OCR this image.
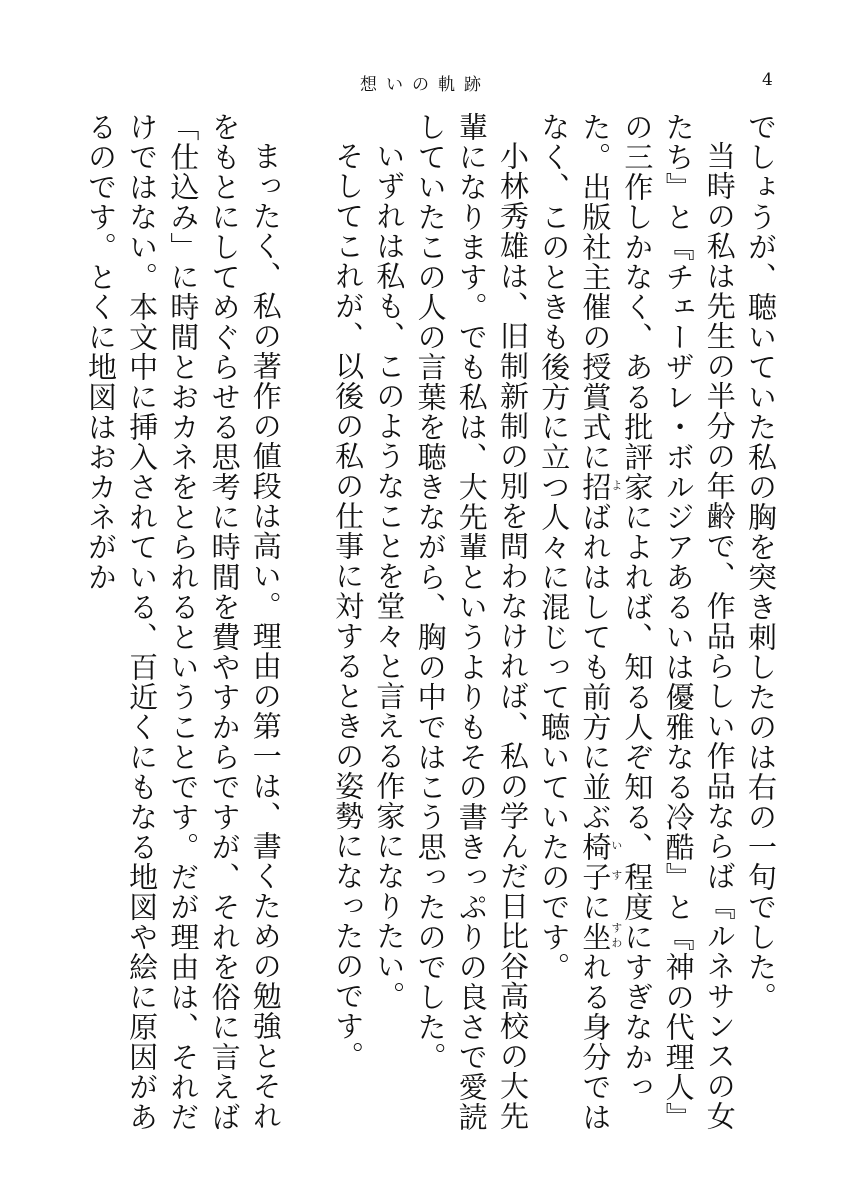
想いの軌跡	4

でしょうが、聴いていた私の胸を突き刺したのは右の一句でした。

当時の私は先生の半分の年齢で、作品らしい作品ならば『ルネサンスの女たち』と『チェーザレ・ボルジアあるいは優雅なる冷酷』と『神の代理人』の三作しかなく、ある批評家によれば、知る人ぞ知る、程度にすぎなかった。出版社主催の授賞式に招よばれはしても前方に並ぶ椅子いすに坐すわれる身分ではなく、このときも後方に立つ人々に混じって聴いていたのです。

小林秀雄は、旧制新制の別を問わなければ、私の学んだ日比谷高校の大先輩になります。でも私は、大先輩というよりもその書きっぷりの良さで愛読していたこの人の言葉を聴きながら、胸の中ではこう思ったのでした。

いずれは私も、このようなことを堂々と言える作家になりたい。

そしてこれが、以後の私の仕事に対するときの姿勢になったのです。

まったく、私の著作の値段は高い。理由の第一は、書くための勉強とそれをもとにしてめぐらせる思考に時間を費やすからですが、それを俗に言えば「仕込み」に時間とおカネをとられるということです。だが理由は、それだけではない。本文中に挿入されている、百近くにもなる地図や絵に原因があるのです。とくに地図はおカネがか
